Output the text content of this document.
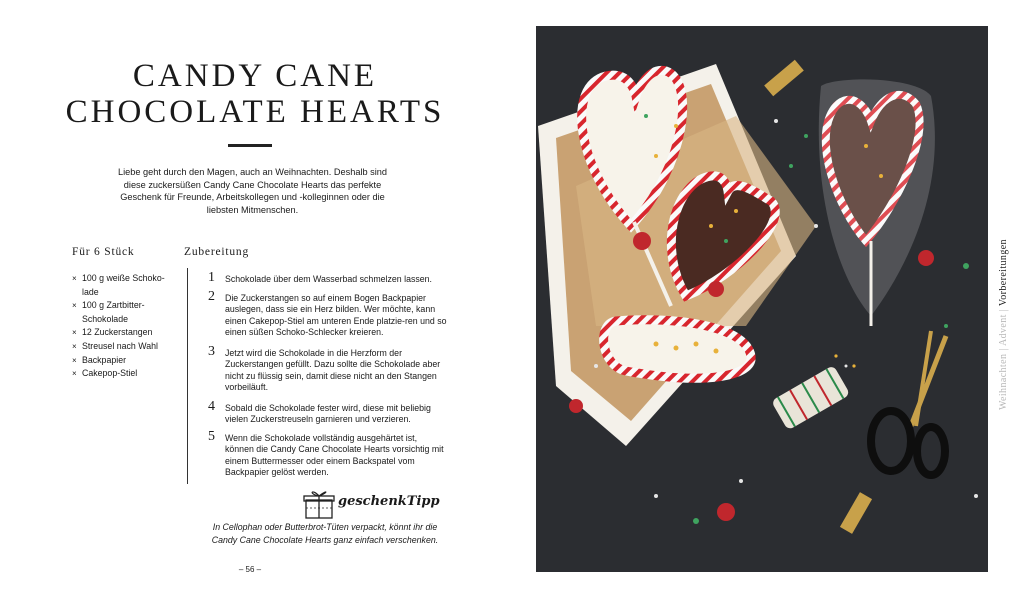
CANDY CANE
CHOCOLATE HEARTS
Liebe geht durch den Magen, auch an Weihnachten. Deshalb sind diese zuckersüßen Candy Cane Chocolate Hearts das perfekte Geschenk für Freunde, Arbeitskollegen und -kolleginnen oder die liebsten Mitmenschen.
Für 6 Stück	Zubereitung
× 100 g weiße Schoko-lade
× 100 g Zartbitter-Schokolade
× 12 Zuckerstangen
× Streusel nach Wahl
× Backpapier
× Cakepop-Stiel
1 Schokolade über dem Wasserbad schmelzen lassen.
2 Die Zuckerstangen so auf einem Bogen Backpapier auslegen, dass sie ein Herz bilden. Wer möchte, kann einen Cakepop-Stiel am unteren Ende platzie-ren und so einen süßen Schoko-Schlecker kreieren.
3 Jetzt wird die Schokolade in die Herzform der Zuckerstangen gefüllt. Dazu sollte die Schokolade aber nicht zu flüssig sein, damit diese nicht an den Stangen vorbeiläuft.
4 Sobald die Schokolade fester wird, diese mit beliebig vielen Zuckerstreuseln garnieren und verzieren.
5 Wenn die Schokolade vollständig ausgehärtet ist, können die Candy Cane Chocolate Hearts vorsichtig mit einem Buttermesser oder einem Backspatel vom Backpapier gelöst werden.
geschenkTipp
In Cellophan oder Butterbrot-Tüten verpackt, könnt ihr die Candy Cane Chocolate Hearts ganz einfach verschenken.
– 56 –
Weihnachten | Advent | Vorbereitungen
